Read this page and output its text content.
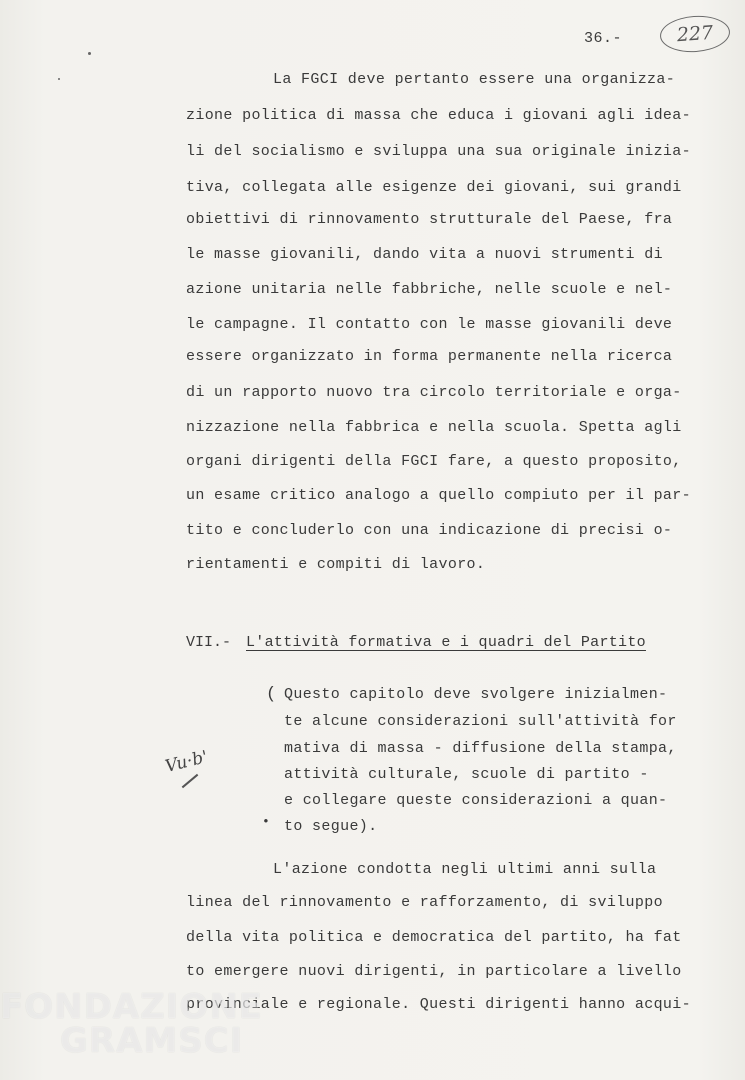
36.-	227
La FGCI deve pertanto essere una organizza-
zione politica di massa che educa i giovani agli idea-
li del socialismo e sviluppa una sua originale inizia-
tiva, collegata alle esigenze dei giovani, sui grandi
obiettivi di rinnovamento strutturale del Paese, fra
le masse giovanili, dando vita a nuovi strumenti di
azione unitaria nelle fabbriche, nelle scuole e nel-
le campagne. Il contatto con le masse giovanili deve
essere organizzato in forma permanente nella ricerca
di un rapporto nuovo tra circolo territoriale e orga-
nizzazione nella fabbrica e nella scuola. Spetta agli
organi dirigenti della FGCI fare, a questo proposito,
un esame critico analogo a quello compiuto per il par-
tito e concluderlo con una indicazione di precisi o-
rientamenti e compiti di lavoro.
VII.- L'attività formativa e i quadri del Partito
( Questo capitolo deve svolgere inizialmen-
te alcune considerazioni sull'attività for
mativa di massa - diffusione della stampa,
attività culturale, scuole di partito -
e collegare queste considerazioni a quan-
to segue).
•
Vu·b'
L'azione condotta negli ultimi anni sulla
linea del rinnovamento e rafforzamento, di sviluppo
della vita politica e democratica del partito, ha fat
to emergere nuovi dirigenti, in particolare a livello
provinciale e regionale. Questi dirigenti hanno acqui-
FONDAZIONE
GRAMSCI
